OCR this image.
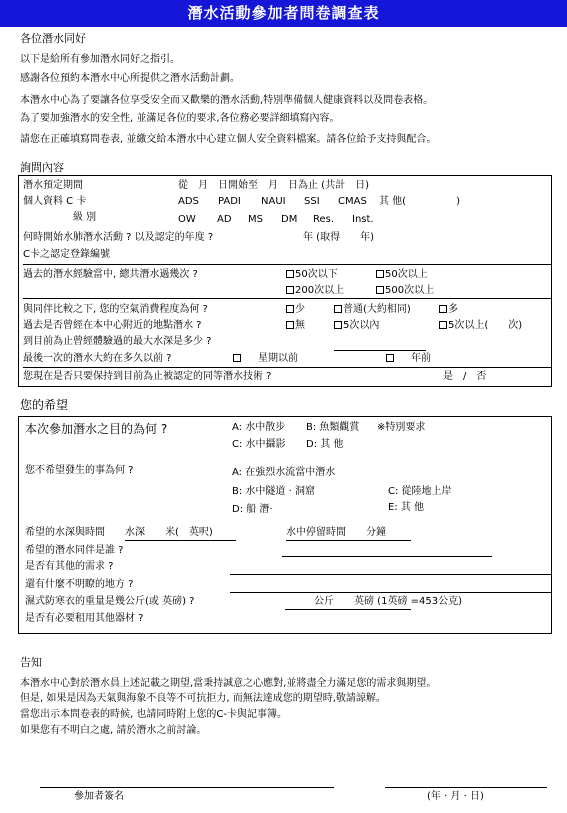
潛水活動參加者問卷調查表
各位潛水同好
以下是給所有參加潛水同好之指引。
感謝各位預約本潛水中心所提供之潛水活動計劃。
本潛水中心為了要讓各位享受安全而又歡樂的潛水活動,特別準備個人健康資料以及問卷表格。
為了要加強潛水的安全性, 並滿足各位的要求,各位務必要詳細填寫內容。
請您在正確填寫問卷表, 並繳交給本潛水中心建立個人安全資料檔案。請各位給予支持與配合。
詢問內容
潛水預定期間	從　月　日開始至　月　日為止 (共計　日)
個人資料 C 卡	ADS PADI NAUI SSI CMAS 其 他(　　　　　)
級 別	OW AD MS DM Res. Inst.
何時開始水肺潛水活動 ? 以及認定的年度 ?	年 (取得　　年)
C卡之認定登錄編號
過去的潛水經驗當中, 總共潛水過幾次 ?	50次以下	50次以上
200次以上	500次以上
與同伴比較之下, 您的空氣消費程度為何 ?	少	普通(大約相同)	多
過去是否曾經在本中心附近的地點潛水 ?	無	5次以內	5次以上(　　次)
到目前為止曾經體驗過的最大水深是多少 ?
最後一次的潛水大約在多久以前 ?	星期以前	年前
您現在是否只要保持到目前為止被認定的同等潛水技術 ?	是　/　否
您的希望
本次參加潛水之目的為何 ?	A: 水中散步 B: 魚類觀賞 ※特別要求
C: 水中攝影 D: 其 他
您不希望發生的事為何 ?	A: 在強烈水流當中潛水
B: 水中隧道 · 洞窟	C: 從陸地上岸
D: 船 潛·	E: 其 他
希望的水深與時間 水深　　米(　英呎)	水中停留時間　　分鐘
希望的潛水同伴是誰 ?
是否有其他的需求 ?
還有什麼不明瞭的地方 ?
濕式防寒衣的重量是幾公斤(或 英磅) ?	公斤　　英磅 (1英磅 =453公克)
是否有必要租用其他器材 ?
告知
本潛水中心對於潛水員上述記載之期望,當秉持誠意之心應對,並將盡全力滿足您的需求與期望。
但是, 如果是因為天氣與海象不良等不可抗拒力, 而無法達成您的期望時,敬請諒解。
當您出示本問卷表的時候, 也請同時附上您的C-卡與記事簿。
如果您有不明白之處, 請於潛水之前討論。
參加者簽名	(年 · 月 · 日)
